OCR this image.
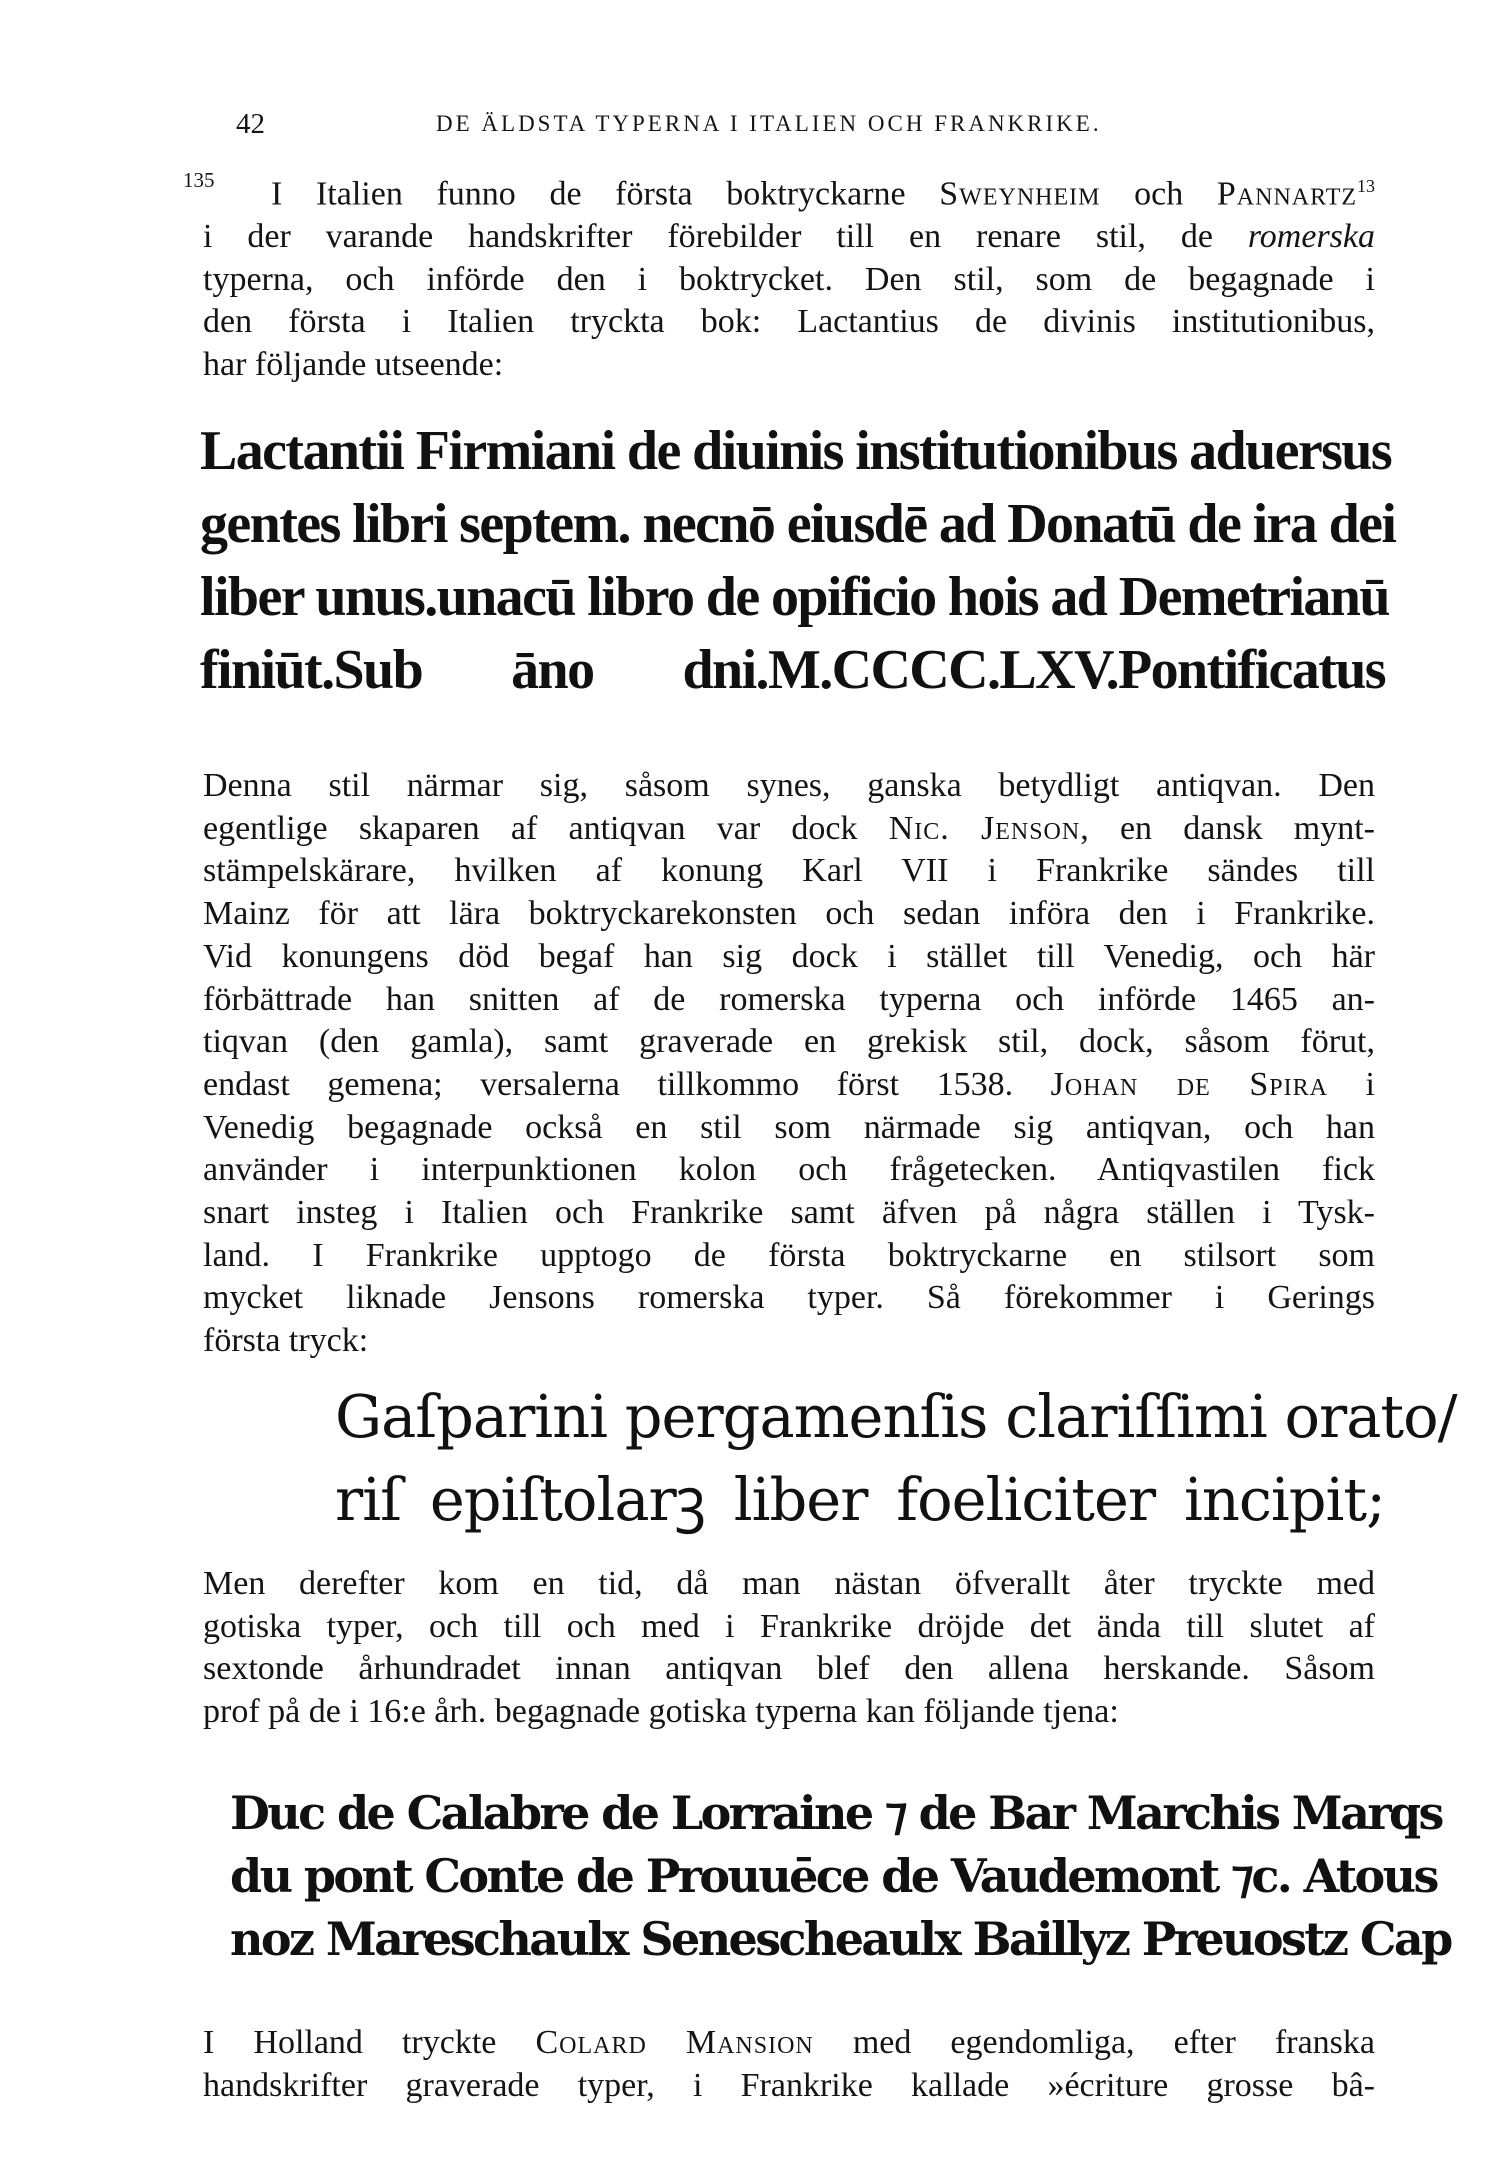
42	DE ÄLDSTA TYPERNA I ITALIEN OCH FRANKRIKE.
135	I Italien funno de första boktryckarne Sweynheim och Pannartz$^{13}$
i der varande handskrifter förebilder till en renare stil, de romerska
typerna, och införde den i boktrycket. Den stil, som de begagnade i
den första i Italien tryckta bok: Lactantius de divinis institutionibus,
har följande utseende:
Lactantii Firmiani de diuinis institutionibus aduersus
gentes libri septem. necnō eiusdē ad Donatū de ira dei
liber unus.unacū libro de opificio hois ad Demetrianū
finiūt.Sub āno dni.M.CCCC.LXV.Pontificatus
Denna stil närmar sig, såsom synes, ganska betydligt antiqvan. Den
egentlige skaparen af antiqvan var dock Nic. Jenson, en dansk mynt-
stämpelskärare, hvilken af konung Karl VII i Frankrike sändes till
Mainz för att lära boktryckarekonsten och sedan införa den i Frankrike.
Vid konungens död begaf han sig dock i stället till Venedig, och här
förbättrade han snitten af de romerska typerna och införde 1465 an-
tiqvan (den gamla), samt graverade en grekisk stil, dock, såsom förut,
endast gemena; versalerna tillkommo först 1538. Johan de Spira i
Venedig begagnade också en stil som närmade sig antiqvan, och han
använder i interpunktionen kolon och frågetecken. Antiqvastilen fick
snart insteg i Italien och Frankrike samt äfven på några ställen i Tysk-
land. I Frankrike upptogo de första boktryckarne en stilsort som
mycket liknade Jensons romerska typer. Så förekommer i Gerings
första tryck:
Gaſparini pergamenſis clariſſimi orato/
riſ epiſtolarꝫ liber foeliciter incipit;
Men derefter kom en tid, då man nästan öfverallt åter tryckte med
gotiska typer, och till och med i Frankrike dröjde det ända till slutet af
sextonde århundradet innan antiqvan blef den allena herskande. Såsom
prof på de i 16:e årh. begagnade gotiska typerna kan följande tjena:
Duc de Calabre de Lorraine ⁊ de Bar Marchis Marqs
du pont Conte de Prouuēce de Vaudemont ⁊c. Atous
noz Mareschaulx Senescheaulx Baillyz Preuostz Cap
I Holland tryckte Colard Mansion med egendomliga, efter franska
handskrifter graverade typer, i Frankrike kallade »écriture grosse bâ-
